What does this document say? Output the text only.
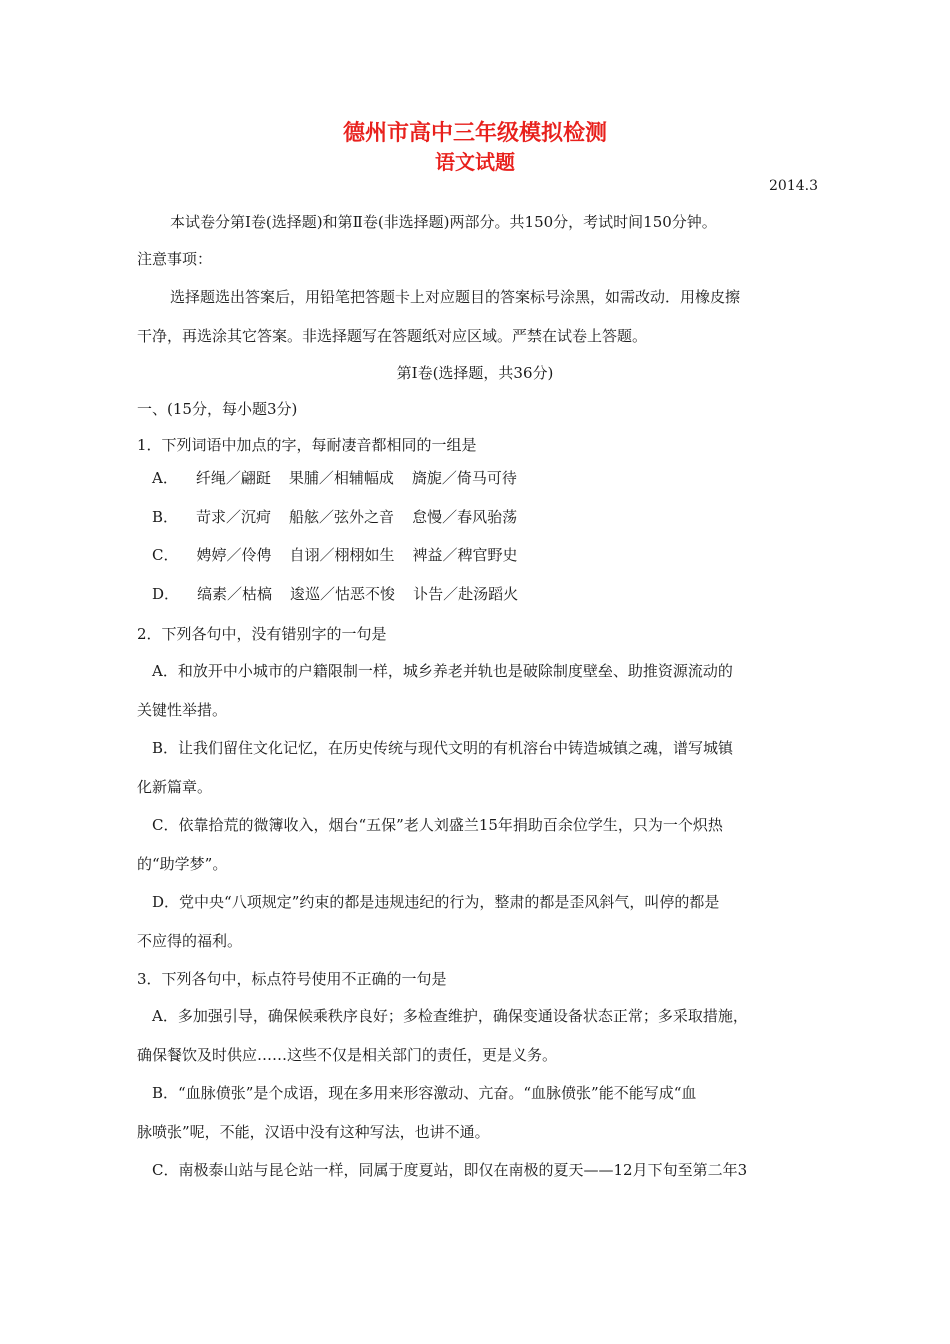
德州市高中三年级模拟检测
语文试题
2014.3
本试卷分第Ⅰ卷(选择题)和第Ⅱ卷(非选择题)两部分。共150分，考试时间150分钟。
注意事项：
选择题选出答案后，用铅笔把答题卡上对应题目的答案标号涂黑，如需改动．用橡皮擦
干净，再选涂其它答案。非选择题写在答题纸对应区域。严禁在试卷上答题。
第Ⅰ卷(选择题，共36分)
一、(15分，每小题3分)
1．下列词语中加点的字，每耐凄音都相同的一组是
A． 纤绳／翩跹 果脯／相辅幅成 旖旎／倚马可待
B． 苛求／沉疴 船舷／弦外之音 怠慢／春风骀荡
C． 娉婷／伶俜 自诩／栩栩如生 裨益／稗官野史
D． 缟素／枯槁 逡巡／怙恶不悛 讣告／赴汤蹈火
2．下列各句中，没有错别字的一句是
A．和放开中小城市的户籍限制一样，城乡养老并轨也是破除制度壁垒、助推资源流动的
关键性举措。
B．让我们留住文化记忆，在历史传统与现代文明的有机溶台中铸造城镇之魂，谱写城镇
化新篇章。
C．依靠拾荒的微簿收入，烟台“五保”老人刘盛兰15年捐助百余位学生，只为一个炽热
的“助学梦”。
D．党中央“八项规定”约束的都是违规违纪的行为，整肃的都是歪风斜气，叫停的都是
不应得的福利。
3．下列各句中，标点符号使用不正确的一句是
A．多加强引导，确保候乘秩序良好；多检查维护，确保变通设备状态正常；多采取措施，
确保餐饮及时供应……这些不仅是相关部门的责任，更是义务。
B．“血脉偾张”是个成语，现在多用来形容激动、亢奋。“血脉偾张”能不能写成“血
脉喷张”呢，不能，汉语中没有这种写法，也讲不通。
C．南极泰山站与昆仑站一样，同属于度夏站，即仅在南极的夏天——12月下旬至第二年3
